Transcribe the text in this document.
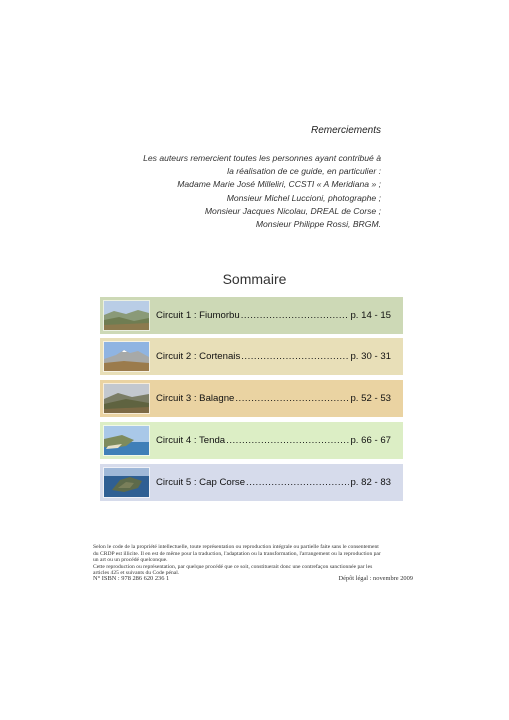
Remerciements
Les auteurs remercient toutes les personnes ayant contribué à
la réalisation de ce guide, en particulier :
Madame Marie José Milleliri, CCSTI « A Meridiana » ;
Monsieur Michel Luccioni, photographe ;
Monsieur Jacques Nicolau, DREAL de Corse ;
Monsieur Philippe Rossi, BRGM.
Sommaire
Circuit 1 : Fiumorbu .....	p. 14 - 15
Circuit 2 : Cortenais .....	p. 30 - 31
Circuit 3 : Balagne .....	p. 52 - 53
Circuit 4 : Tenda .....	p. 66 - 67
Circuit 5 : Cap Corse .....	p. 82 - 83
Selon le code de la propriété intellectuelle, toute représentation ou reproduction intégrale ou partielle faite sans le consentement
du CRDP est illicite. Il en est de même pour la traduction, l'adaptation ou la transformation, l'arrangement ou la reproduction par
un art ou un procédé quelconque.
Cette reproduction ou représentation, par quelque procédé que ce soit, constituerait donc une contrefaçon sanctionnée par les
articles 425 et suivants du Code pénal.
N° ISBN : 978 286 620 236 1	Dépôt légal : novembre 2009
